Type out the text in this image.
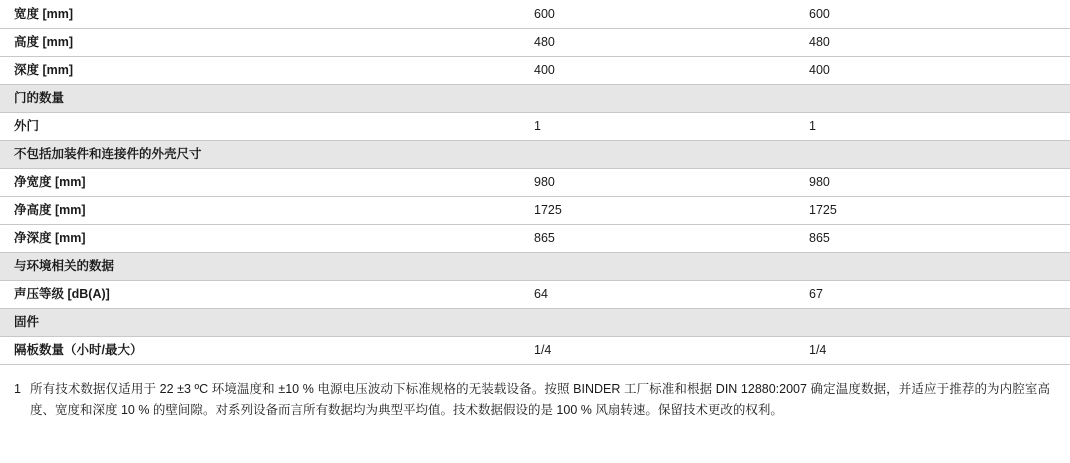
宽度 [mm]	600	600
高度 [mm]	480	480
深度 [mm]	400	400
门的数量		
外门	1	1
不包括加装件和连接件的外壳尺寸		
净宽度 [mm]	980	980
净高度 [mm]	1725	1725
净深度 [mm]	865	865
与环境相关的数据		
声压等级 [dB(A)]	64	67
固件		
隔板数量（小时/最大）	1/4	1/4
1 所有技术数据仅适用于 22 ±3 ºC 环境温度和 ±10 % 电源电压波动下标准规格的无装载设备。按照 BINDER 工厂标准和根据 DIN 12880:2007 确定温度数据，并适应于推荐的为内腔室高度、宽度和深度 10 % 的壁间隙。对系列设备而言所有数据均为典型平均值。技术数据假设的是 100 % 风扇转速。保留技术更改的权利。
